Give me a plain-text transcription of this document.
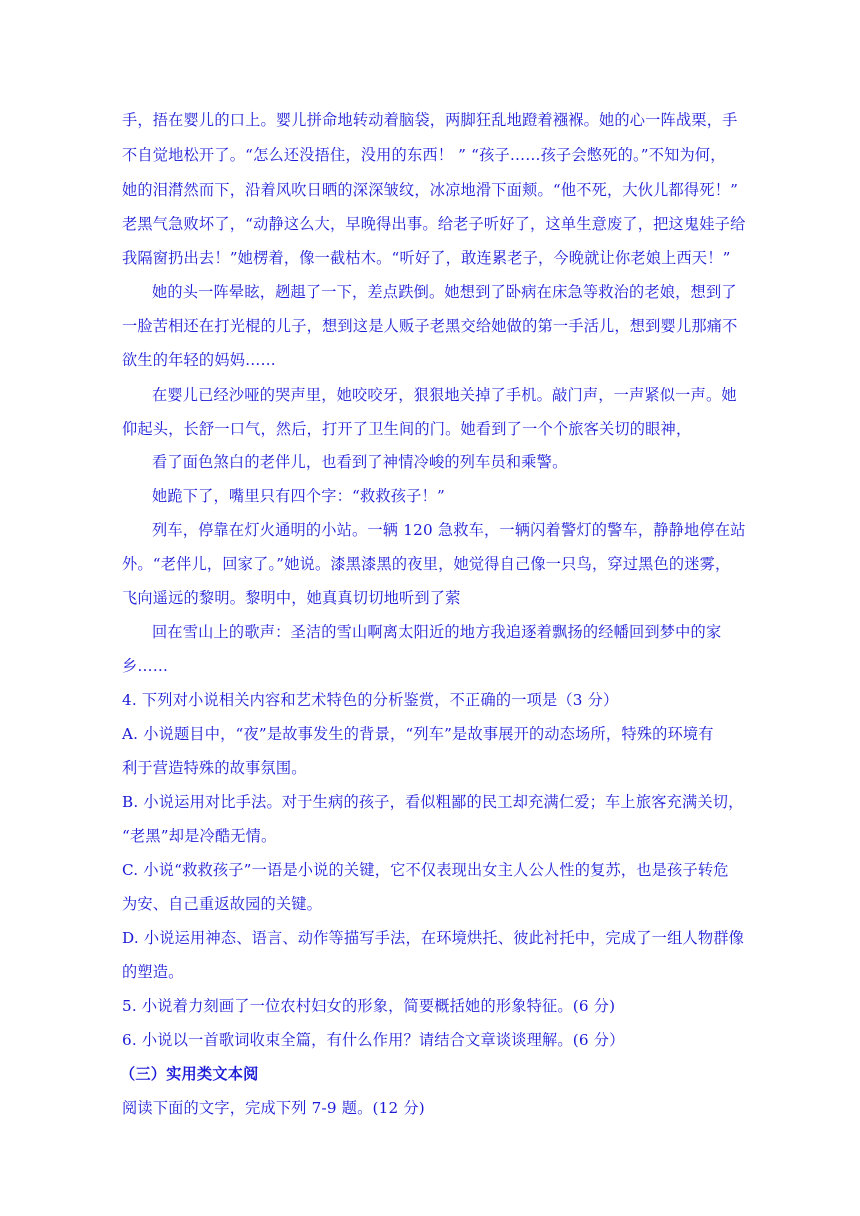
手，捂在婴儿的口上。婴儿拼命地转动着脑袋，两脚狂乱地蹬着襁褓。她的心一阵战栗，手
不自觉地松开了。“怎么还没捂住，没用的东西！ ” “孩子……孩子会憋死的。”不知为何，
她的泪潸然而下，沿着风吹日晒的深深皱纹，冰凉地滑下面颊。“他不死，大伙儿都得死！”
老黑气急败坏了，“动静这么大，早晚得出事。给老子听好了，这单生意废了，把这鬼娃子给
我隔窗扔出去！”她楞着，像一截枯木。“听好了，敢连累老子，今晚就让你老娘上西天！”
她的头一阵晕眩，趔趄了一下，差点跌倒。她想到了卧病在床急等救治的老娘，想到了
一脸苦相还在打光棍的儿子，想到这是人贩子老黑交给她做的第一手活儿，想到婴儿那痛不
欲生的年轻的妈妈……
在婴儿已经沙哑的哭声里，她咬咬牙，狠狠地关掉了手机。敲门声，一声紧似一声。她
仰起头，长舒一口气，然后，打开了卫生间的门。她看到了一个个旅客关切的眼神，
看了面色煞白的老伴儿，也看到了神情冷峻的列车员和乘警。
她跪下了，嘴里只有四个字：“救救孩子！”
列车，停靠在灯火通明的小站。一辆 120 急救车，一辆闪着警灯的警车，静静地停在站
外。“老伴儿，回家了。”她说。漆黑漆黑的夜里，她觉得自己像一只鸟，穿过黑色的迷雾，
飞向遥远的黎明。黎明中，她真真切切地听到了萦
回在雪山上的歌声：圣洁的雪山啊离太阳近的地方我追逐着飘扬的经幡回到梦中的家
乡……
4. 下列对小说相关内容和艺术特色的分析鉴赏，不正确的一项是（3 分）
A. 小说题目中，“夜”是故事发生的背景，“列车”是故事展开的动态场所，特殊的环境有
利于营造特殊的故事氛围。
B. 小说运用对比手法。对于生病的孩子，看似粗鄙的民工却充满仁爱；车上旅客充满关切，
“老黑”却是冷酷无情。
C. 小说“救救孩子”一语是小说的关键，它不仅表现出女主人公人性的复苏，也是孩子转危
为安、自己重返故园的关键。
D. 小说运用神态、语言、动作等描写手法，在环境烘托、彼此衬托中，完成了一组人物群像
的塑造。
5. 小说着力刻画了一位农村妇女的形象，简要概括她的形象特征。(6 分)
6. 小说以一首歌词收束全篇，有什么作用？请结合文章谈谈理解。(6 分）
（三）实用类文本阅
阅读下面的文字，完成下列 7-9 题。(12 分)
